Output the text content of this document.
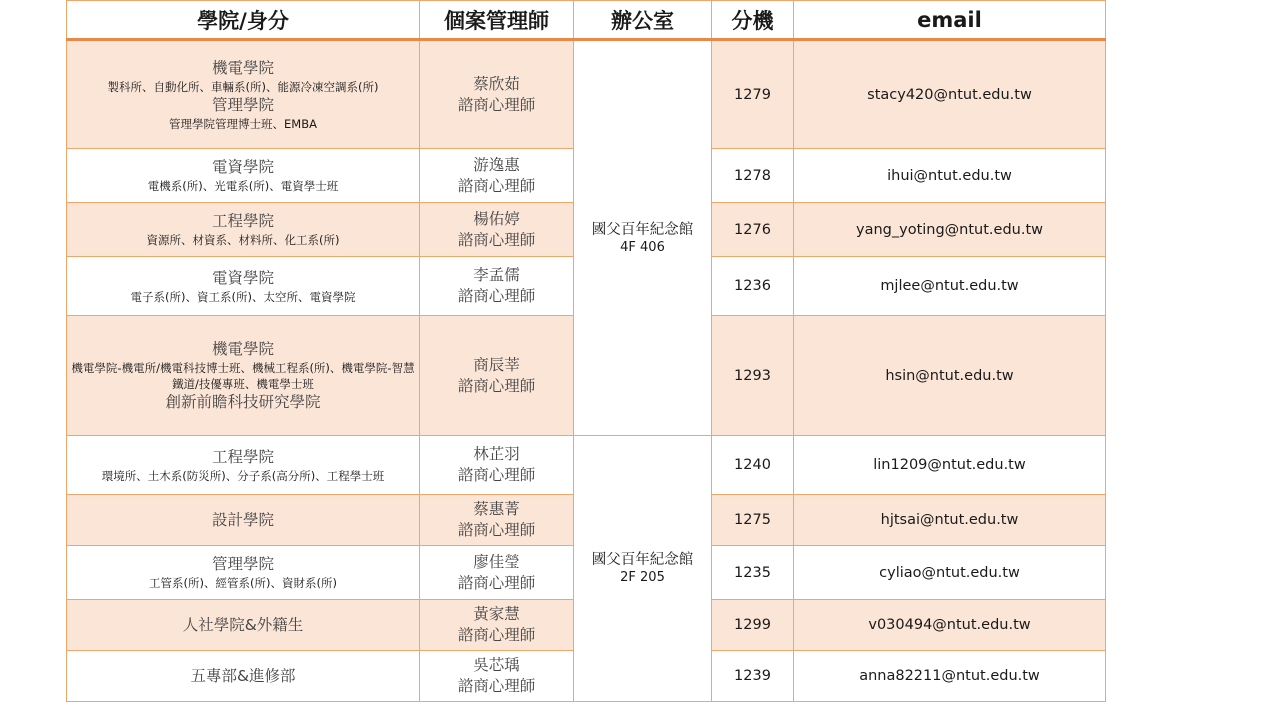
學院/身分	個案管理師	辦公室	分機	email

機電學院
製科所、自動化所、車輛系(所)、能源冷凍空調系(所)
管理學院
管理學院管理博士班、EMBA	蔡欣茹
諮商心理師	國父百年紀念館
4F 406	1279	stacy420@ntut.edu.tw

電資學院
電機系(所)、光電系(所)、電資學士班	游逸惠
諮商心理師		1278	ihui@ntut.edu.tw

工程學院
資源所、材資系、材料所、化工系(所)	楊佑婷
諮商心理師		1276	yang_yoting@ntut.edu.tw

電資學院
電子系(所)、資工系(所)、太空所、電資學院	李孟儒
諮商心理師		1236	mjlee@ntut.edu.tw

機電學院
機電學院-機電所/機電科技博士班、機械工程系(所)、機電學院-智慧鐵道/技優專班、機電學士班
創新前瞻科技研究學院	商辰莘
諮商心理師		1293	hsin@ntut.edu.tw

工程學院
環境所、土木系(防災所)、分子系(高分所)、工程學士班	林芷羽
諮商心理師	國父百年紀念館
2F 205	1240	lin1209@ntut.edu.tw

設計學院	蔡惠菁
諮商心理師		1275	hjtsai@ntut.edu.tw

管理學院
工管系(所)、經管系(所)、資財系(所)	廖佳瑩
諮商心理師		1235	cyliao@ntut.edu.tw

人社學院&外籍生	黃家慧
諮商心理師		1299	v030494@ntut.edu.tw

五專部&進修部	吳芯瑀
諮商心理師		1239	anna82211@ntut.edu.tw
